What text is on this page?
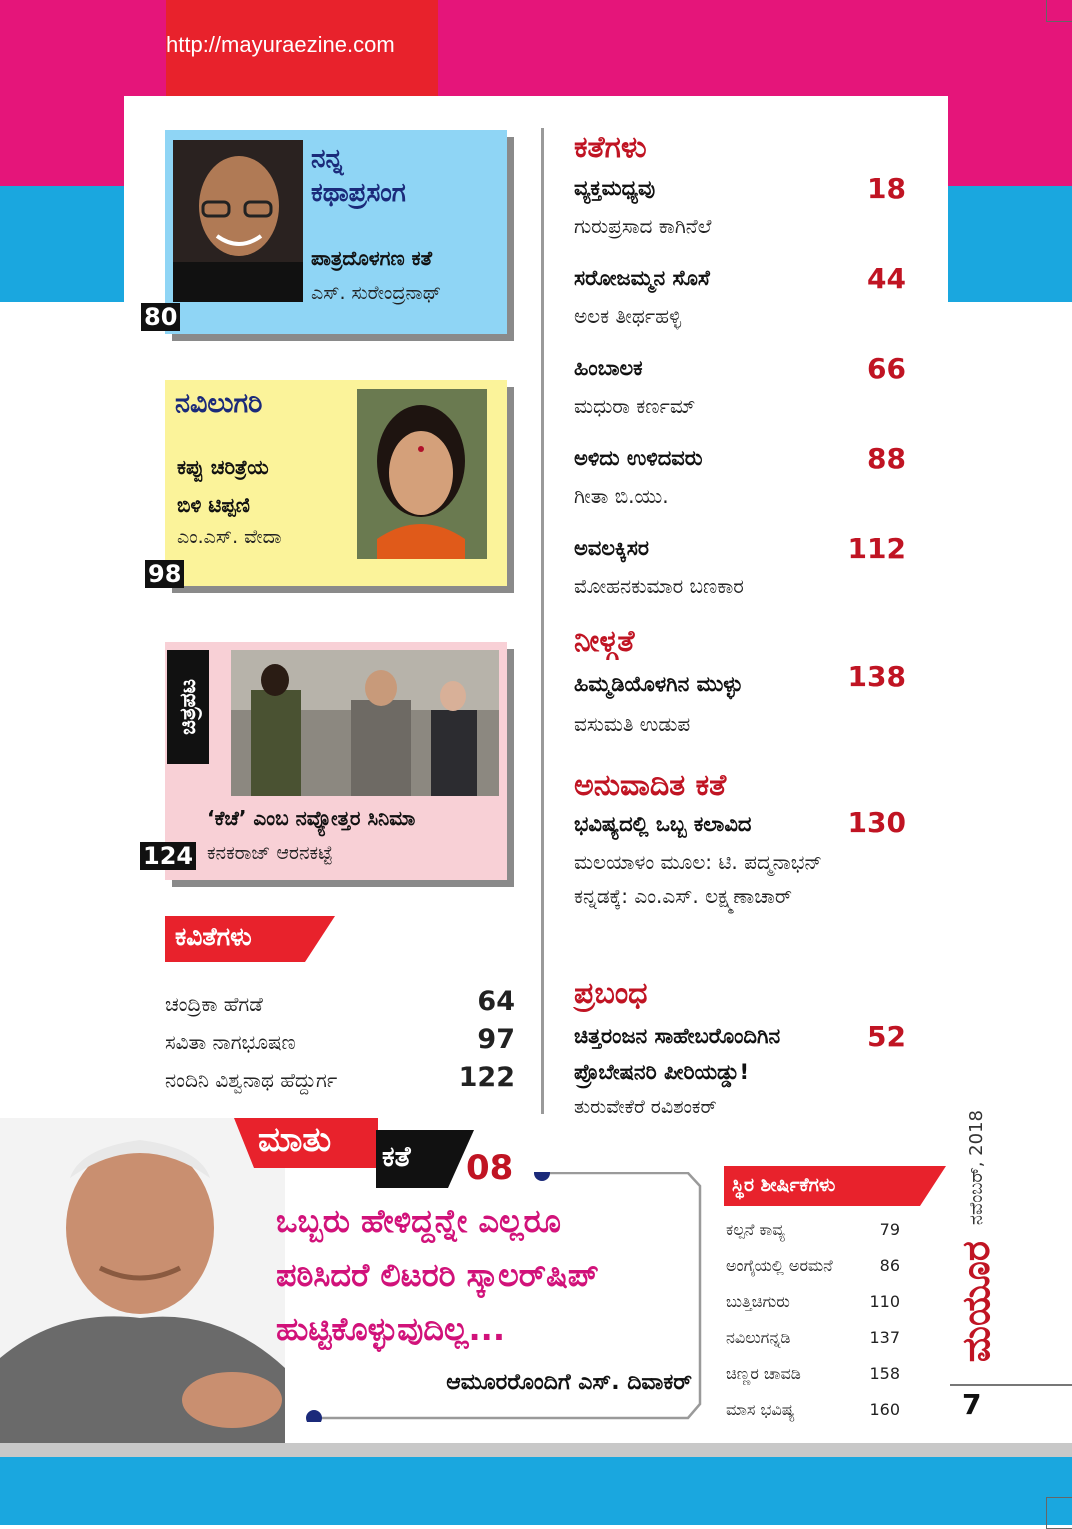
http://mayuraezine.com
ನನ್ನ
ಕಥಾಪ್ರಸಂಗ
ಪಾತ್ರದೊಳಗಣ ಕತೆ
ಎಸ್. ಸುರೇಂದ್ರನಾಥ್
80
ನವಿಲುಗರಿ
ಕಪ್ಪು ಚರಿತ್ರೆಯ
ಬಿಳಿ ಟಿಪ್ಪಣಿ
ಎಂ.ಎಸ್. ವೇದಾ
98
ಚಿತ್ರಪಟ
‘ಕೆಚೆ’ ಎಂಬ ನವ್ಯೋತ್ತರ ಸಿನಿಮಾ
ಕನಕರಾಜ್ ಆರನಕಟ್ಟೆ
124
ಕವಿತೆಗಳು
ಚಂದ್ರಿಕಾ ಹೆಗಡೆ	64
ಸವಿತಾ ನಾಗಭೂಷಣ	97
ನಂದಿನಿ ವಿಶ್ವನಾಥ ಹೆದ್ದುರ್ಗ	122
ಕತೆಗಳು
ವ್ಯಕ್ತಮಧ್ಯವು	18
ಗುರುಪ್ರಸಾದ ಕಾಗಿನೆಲೆ
ಸರೋಜಮ್ಮನ ಸೊಸೆ	44
ಅಲಕ ತೀರ್ಥಹಳ್ಳಿ
ಹಿಂಬಾಲಕ	66
ಮಧುರಾ ಕರ್ಣಮ್
ಅಳಿದು ಉಳಿದವರು	88
ಗೀತಾ ಬಿ.ಯು.
ಅವಲಕ್ಕಿಸರ	112
ಮೋಹನಕುಮಾರ ಬಣಕಾರ
ನೀಳ್ಗತೆ
ಹಿಮ್ಮಡಿಯೊಳಗಿನ ಮುಳ್ಳು	138
ವಸುಮತಿ ಉಡುಪ
ಅನುವಾದಿತ ಕತೆ
ಭವಿಷ್ಯದಲ್ಲಿ ಒಬ್ಬ ಕಲಾವಿದ	130
ಮಲಯಾಳಂ ಮೂಲ: ಟಿ. ಪದ್ಮನಾಭನ್
ಕನ್ನಡಕ್ಕೆ: ಎಂ.ಎಸ್. ಲಕ್ಷ್ಮಣಾಚಾರ್
ಪ್ರಬಂಧ
ಚಿತ್ತರಂಜನ ಸಾಹೇಬರೊಂದಿಗಿನ	52
ಪ್ರೊಬೇಷನರಿ ಪೀರಿಯಡ್ಡು!
ತುರುವೇಕೆರೆ ರವಿಶಂಕರ್
ಮಾತು ಕತೆ 08
ಒಬ್ಬರು ಹೇಳಿದ್ದನ್ನೇ ಎಲ್ಲರೂ
ಪಠಿಸಿದರೆ ಲಿಟರರಿ ಸ್ಕಾಲರ್‌ಷಿಪ್
ಹುಟ್ಟಿಕೊಳ್ಳುವುದಿಲ್ಲ...
ಆಮೂರರೊಂದಿಗೆ ಎಸ್. ದಿವಾಕರ್
ಸ್ಥಿರ ಶೀರ್ಷಿಕೆಗಳು
ಕಲ್ಪನೆ ಕಾವ್ಯ	79
ಅಂಗೈಯಲ್ಲಿ ಅರಮನೆ	86
ಬುತ್ತಿಚಿಗುರು	110
ನವಿಲುಗನ್ನಡಿ	137
ಚಿಣ್ಣರ ಚಾವಡಿ	158
ಮಾಸ ಭವಿಷ್ಯ	160
ನವೆಂಬರ್, 2018
ಮಯೂರ
7
